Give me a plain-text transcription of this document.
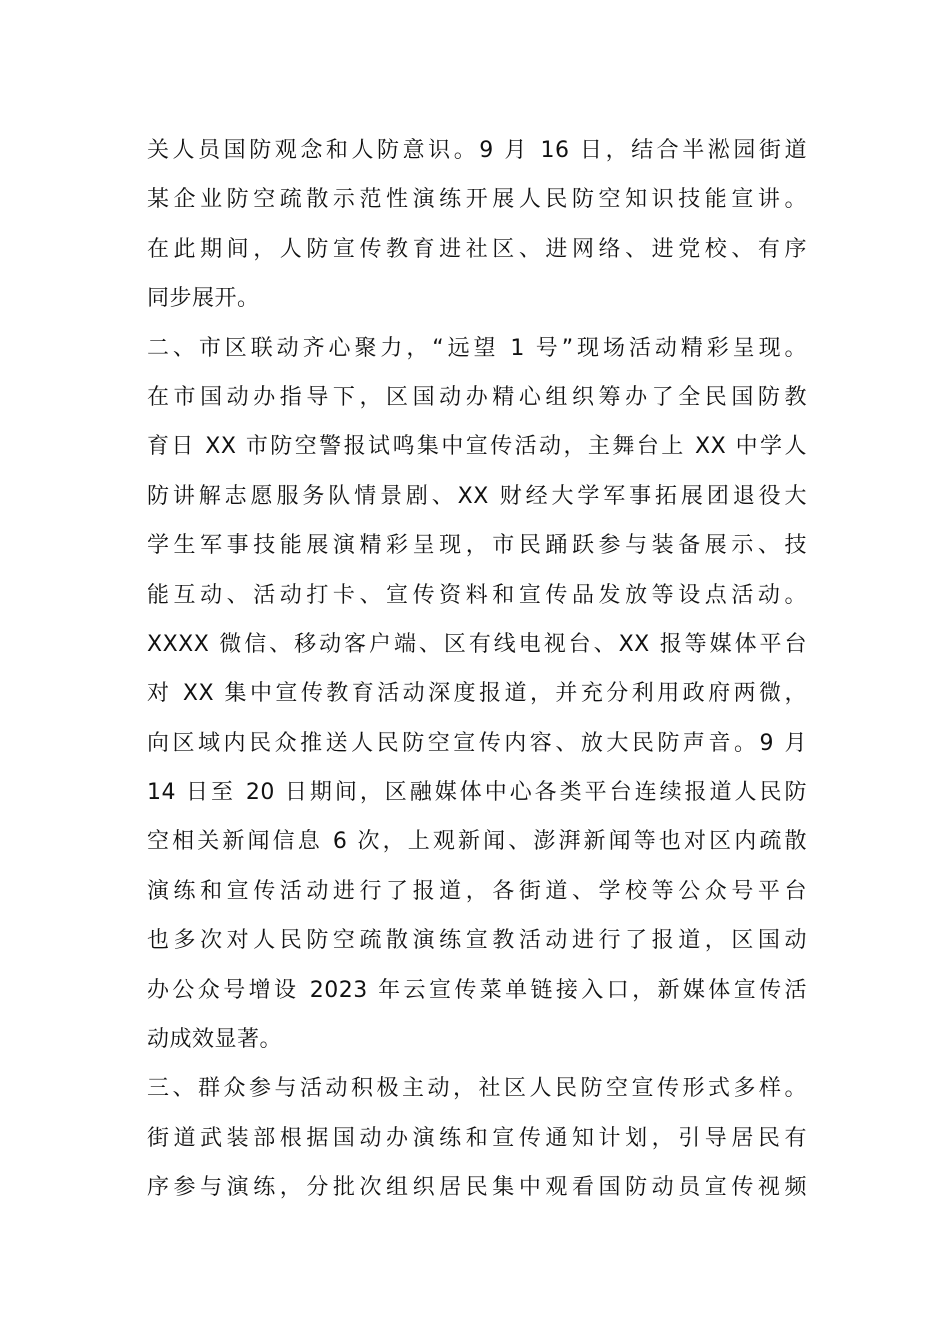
关人员国防观念和人防意识。9 月 16 日，结合半淞园街道
某企业防空疏散示范性演练开展人民防空知识技能宣讲。
在此期间，人防宣传教育进社区、进网络、进党校、有序
同步展开。
二、市区联动齐心聚力，“远望 1 号”现场活动精彩呈现。
在市国动办指导下，区国动办精心组织筹办了全民国防教
育日 XX 市防空警报试鸣集中宣传活动，主舞台上 XX 中学人
防讲解志愿服务队情景剧、XX 财经大学军事拓展团退役大
学生军事技能展演精彩呈现，市民踊跃参与装备展示、技
能互动、活动打卡、宣传资料和宣传品发放等设点活动。
XXXX 微信、移动客户端、区有线电视台、XX 报等媒体平台
对 XX 集中宣传教育活动深度报道，并充分利用政府两微，
向区域内民众推送人民防空宣传内容、放大民防声音。9 月
14 日至 20 日期间，区融媒体中心各类平台连续报道人民防
空相关新闻信息 6 次，上观新闻、澎湃新闻等也对区内疏散
演练和宣传活动进行了报道，各街道、学校等公众号平台
也多次对人民防空疏散演练宣教活动进行了报道，区国动
办公众号增设 2023 年云宣传菜单链接入口，新媒体宣传活
动成效显著。
三、群众参与活动积极主动，社区人民防空宣传形式多样。
街道武装部根据国动办演练和宣传通知计划，引导居民有
序参与演练，分批次组织居民集中观看国防动员宣传视频
